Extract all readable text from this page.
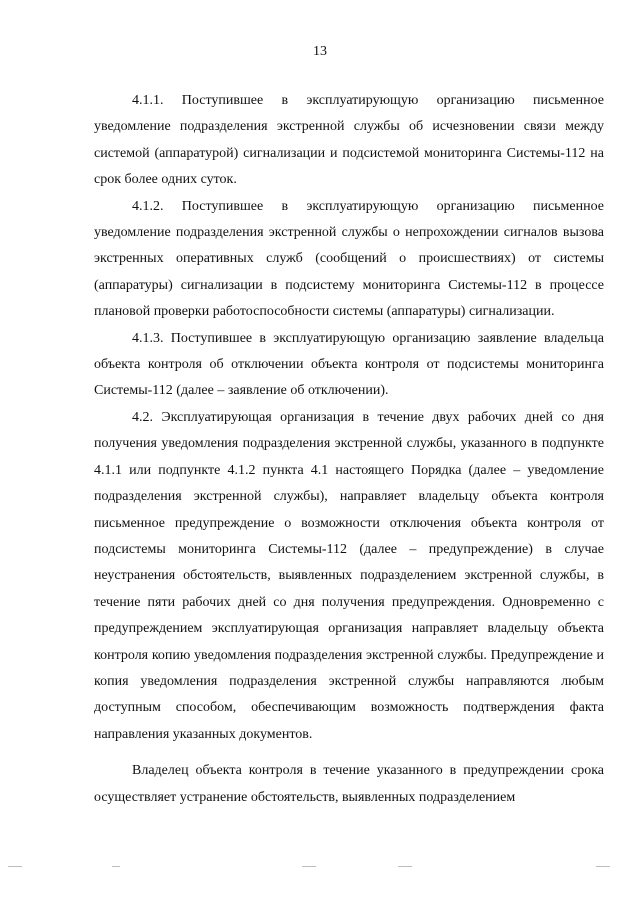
13

4.1.1. Поступившее в эксплуатирующую организацию письменное уведомление подразделения экстренной службы об исчезновении связи между системой (аппаратурой) сигнализации и подсистемой мониторинга Системы-112 на срок более одних суток.

4.1.2. Поступившее в эксплуатирующую организацию письменное уведомление подразделения экстренной службы о непрохождении сигналов вызова экстренных оперативных служб (сообщений о происшествиях) от системы (аппаратуры) сигнализации в подсистему мониторинга Системы-112 в процессе плановой проверки работоспособности системы (аппаратуры) сигнализации.

4.1.3. Поступившее в эксплуатирующую организацию заявление владельца объекта контроля об отключении объекта контроля от подсистемы мониторинга Системы-112 (далее – заявление об отключении).

4.2. Эксплуатирующая организация в течение двух рабочих дней со дня получения уведомления подразделения экстренной службы, указанного в подпункте 4.1.1 или подпункте 4.1.2 пункта 4.1 настоящего Порядка (далее – уведомление подразделения экстренной службы), направляет владельцу объекта контроля письменное предупреждение о возможности отключения объекта контроля от подсистемы мониторинга Системы-112 (далее – предупреждение) в случае неустранения обстоятельств, выявленных подразделением экстренной службы, в течение пяти рабочих дней со дня получения предупреждения. Одновременно с предупреждением эксплуатирующая организация направляет владельцу объекта контроля копию уведомления подразделения экстренной службы. Предупреждение и копия уведомления подразделения экстренной службы направляются любым доступным способом, обеспечивающим возможность подтверждения факта направления указанных документов.

Владелец объекта контроля в течение указанного в предупреждении срока осуществляет устранение обстоятельств, выявленных подразделением
